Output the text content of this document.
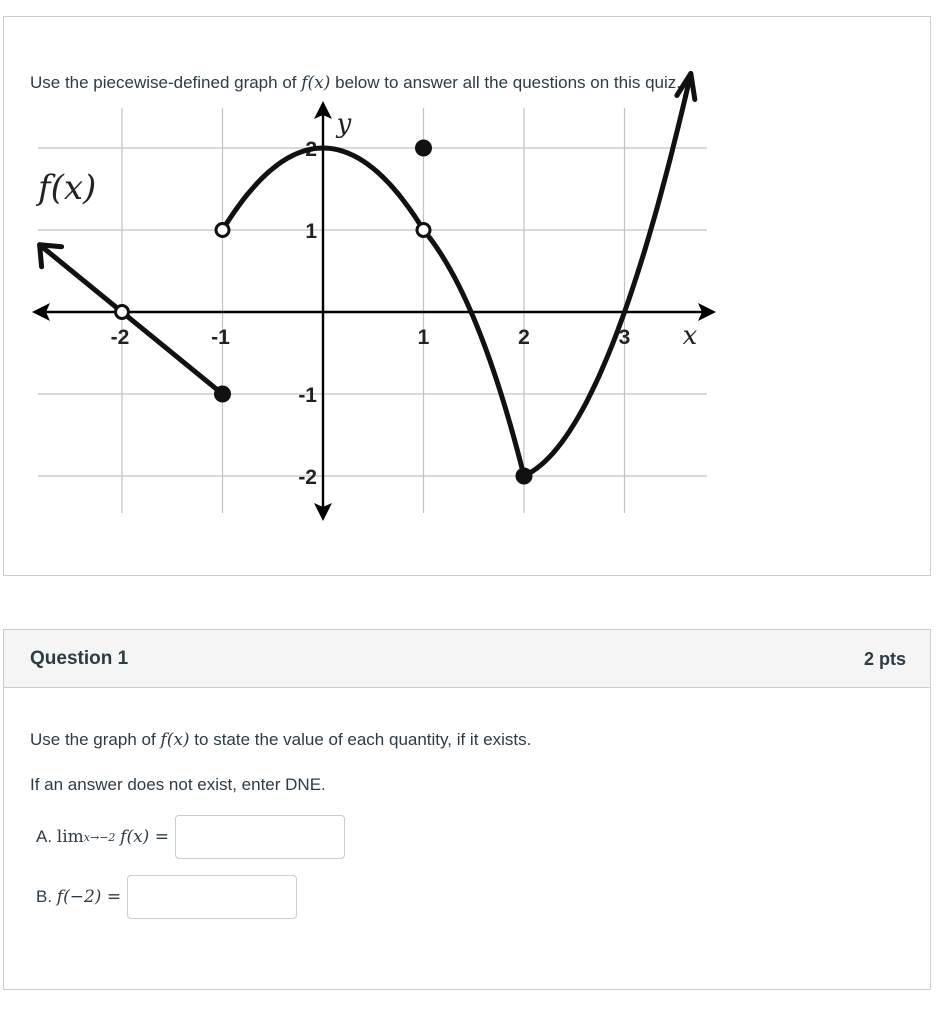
Use the piecewise-defined graph of f(x) below to answer all the questions on this quiz.
-2	-1	1	2	3
2
1
-1
-2
x
y
f(x)
Question 1	2 pts
Use the graph of f(x) to state the value of each quantity, if it exists.
If an answer does not exist, enter DNE.
A.
lim x→−2
f(x) =
B.
f(−2) =
